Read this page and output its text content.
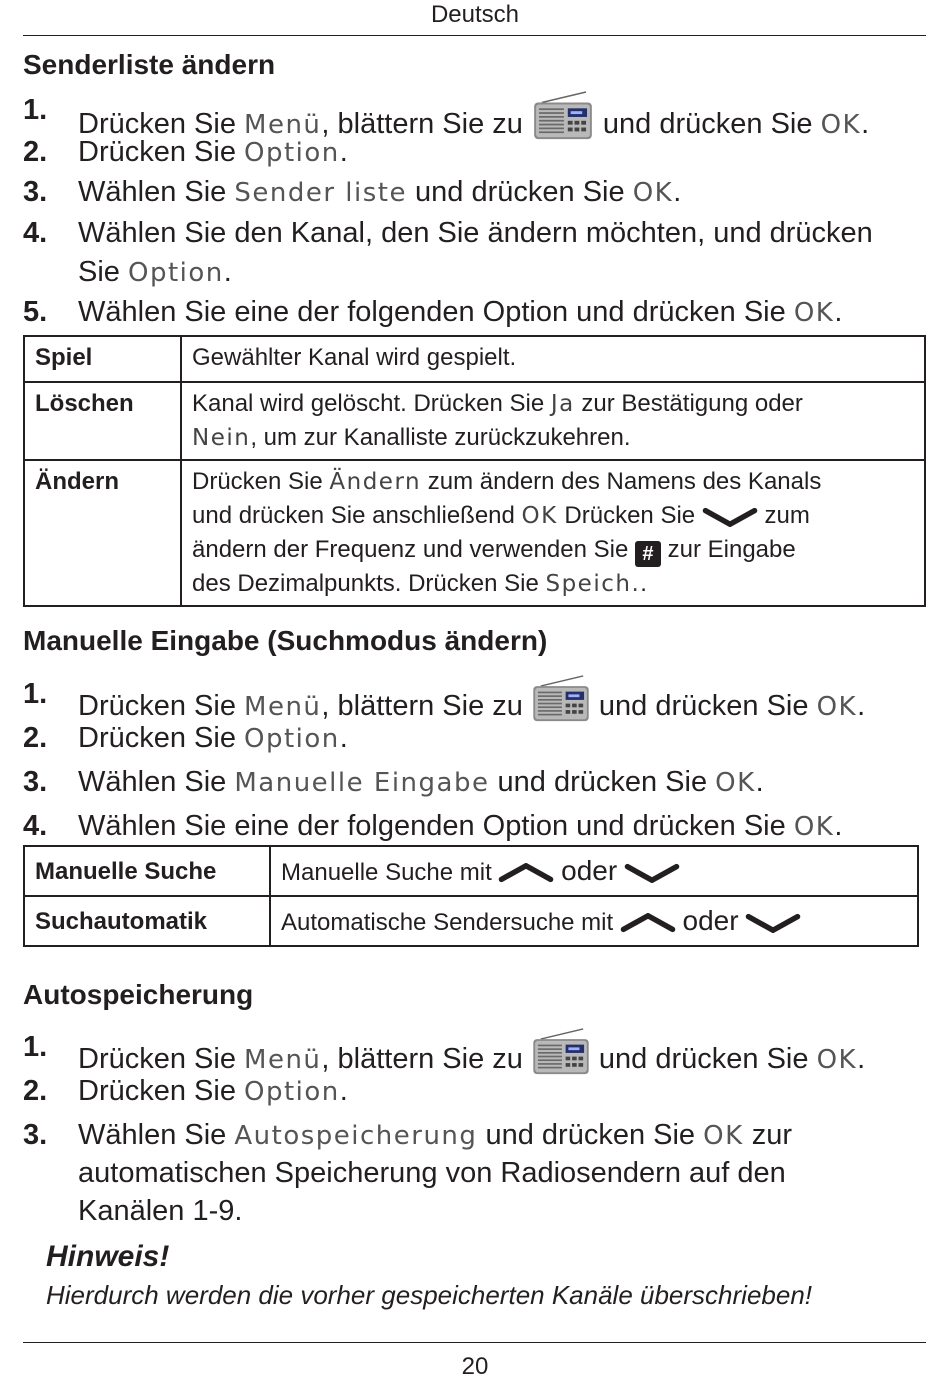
Deutsch
Senderliste ändern
1. Drücken Sie Menü, blättern Sie zu	und drücken Sie OK.
2. Drücken Sie Option.
3. Wählen Sie Sender liste und drücken Sie OK.
4. Wählen Sie den Kanal, den Sie ändern möchten, und drücken
Sie Option.
5. Wählen Sie eine der folgenden Option und drücken Sie OK.
Spiel	Gewählter Kanal wird gespielt.
Löschen	Kanal wird gelöscht. Drücken Sie Ja zur Bestätigung oder
Nein, um zur Kanalliste zurückzukehren.
Ändern	Drücken Sie Ändern zum ändern des Namens des Kanals
und drücken Sie anschließend OK Drücken Sie zum
ändern der Frequenz und verwenden Sie # zur Eingabe
des Dezimalpunkts. Drücken Sie Speich..
Manuelle Eingabe (Suchmodus ändern)
1. Drücken Sie Menü, blättern Sie zu	und drücken Sie OK.
2. Drücken Sie Option.
3. Wählen Sie Manuelle Eingabe und drücken Sie OK.
4. Wählen Sie eine der folgenden Option und drücken Sie OK.
Manuelle Suche	Manuelle Suche mit oder
Suchautomatik	Automatische Sendersuche mit oder
Autospeicherung
1. Drücken Sie Menü, blättern Sie zu	und drücken Sie OK.
2. Drücken Sie Option.
3. Wählen Sie Autospeicherung und drücken Sie OK zur
automatischen Speicherung von Radiosendern auf den
Kanälen 1-9.
Hinweis!
Hierdurch werden die vorher gespeicherten Kanäle überschrieben!
20
